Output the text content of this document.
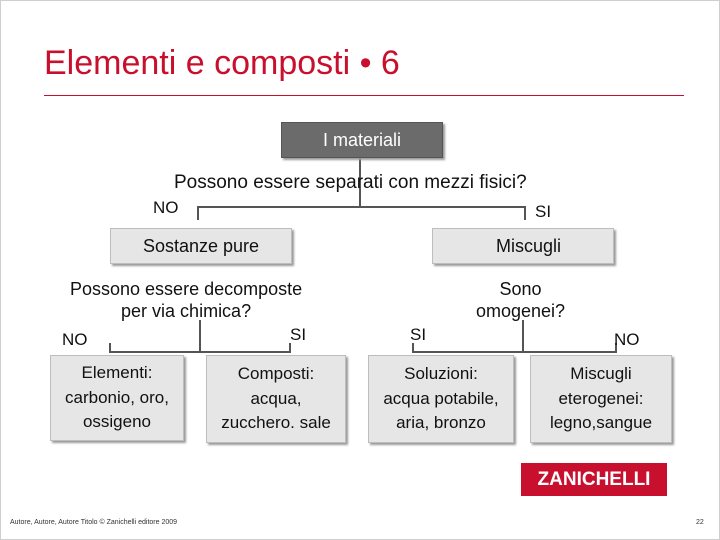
Elementi e composti • 6
I materiali
Possono essere separati con mezzi fisici?
NO	SI
Sostanze pure	Miscugli
Possono essere decomposte
per via chimica?
Sono
omogenei?
NO	SI	SI	NO
Elementi:
carbonio, oro,
ossigeno
Composti:
acqua,
zucchero. sale
Soluzioni:
acqua potabile,
aria, bronzo
Miscugli
eterogenei:
legno,sangue
ZANICHELLI
Autore, Autore, Autore Titolo © Zanichelli editore 2009	22
